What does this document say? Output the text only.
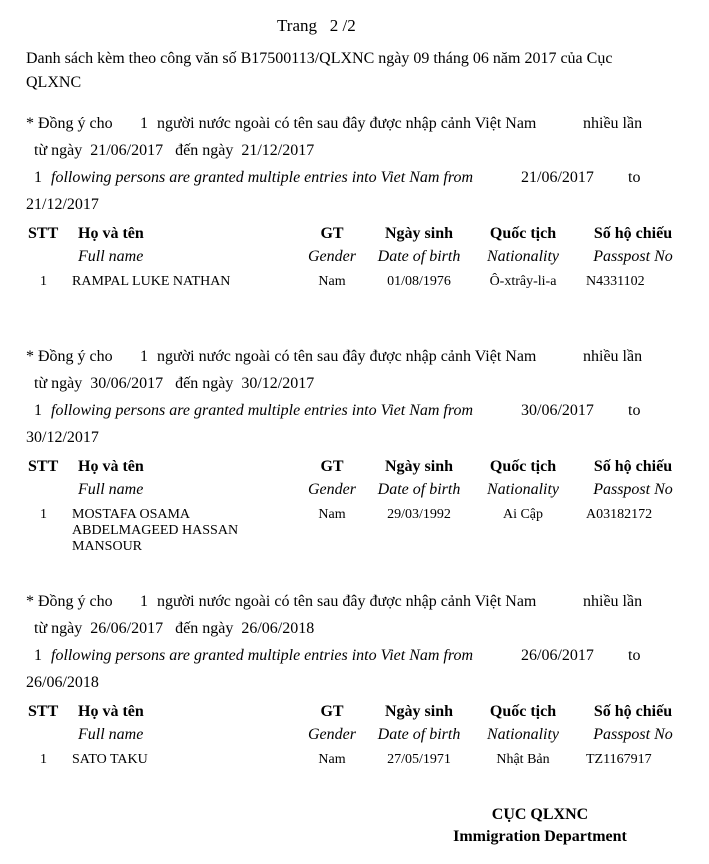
Trang 2 /2
Danh sách kèm theo công văn số B17500113/QLXNC ngày 09 tháng 06 năm 2017 của Cục
QLXNC
* Đồng ý cho 1 người nước ngoài có tên sau đây được nhập cảnh Việt Nam	nhiều lần
từ ngày  21/06/2017   đến ngày  21/12/2017
1 following persons are granted multiple entries into Viet Nam from	21/06/2017 to
21/12/2017
STT Họ và tên	GT	Ngày sinh	Quốc tịch	Số hộ chiếu
Full name	Gender	Date of birth	Nationality	Passpost No
1 RAMPAL LUKE NATHAN	Nam	01/08/1976	Ô-xtrây-li-a	N4331102
* Đồng ý cho 1 người nước ngoài có tên sau đây được nhập cảnh Việt Nam	nhiều lần
từ ngày  30/06/2017   đến ngày  30/12/2017
1 following persons are granted multiple entries into Viet Nam from	30/06/2017 to
30/12/2017
STT Họ và tên	GT	Ngày sinh	Quốc tịch	Số hộ chiếu
Full name	Gender	Date of birth	Nationality	Passpost No
1 MOSTAFA OSAMA
ABDELMAGEED HASSAN
MANSOUR
Nam	29/03/1992	Ai Cập	A03182172
* Đồng ý cho 1 người nước ngoài có tên sau đây được nhập cảnh Việt Nam	nhiều lần
từ ngày  26/06/2017   đến ngày  26/06/2018
1 following persons are granted multiple entries into Viet Nam from	26/06/2017 to
26/06/2018
STT Họ và tên	GT	Ngày sinh	Quốc tịch	Số hộ chiếu
Full name	Gender	Date of birth	Nationality	Passpost No
1 SATO TAKU	Nam	27/05/1971	Nhật Bản	TZ1167917
CỤC QLXNC
Immigration Department
